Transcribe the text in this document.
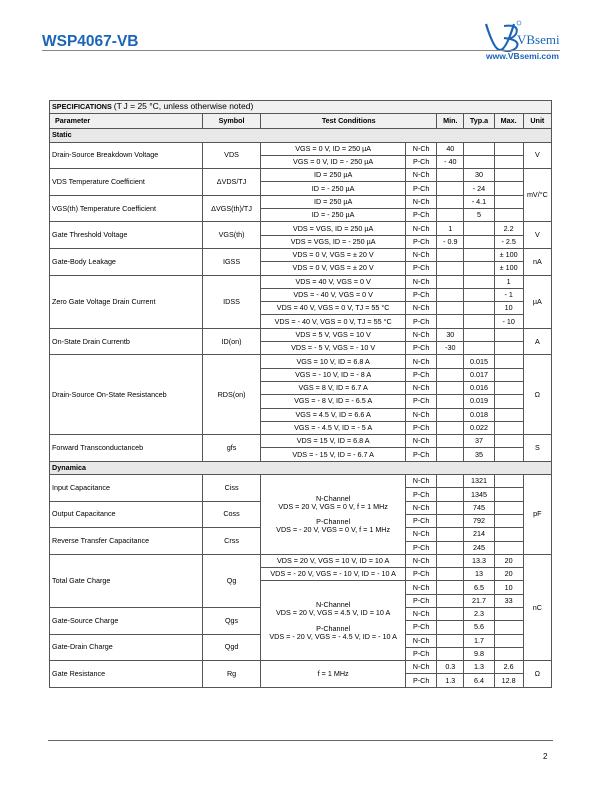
WSP4067-VB	VBsemi
www.VBsemi.com
SPECIFICATIONS (T J = 25 °C, unless otherwise noted)							
Parameter	Symbol	Test Conditions		Min.	Typ.a	Max.	Unit
Static							
Drain-Source Breakdown Voltage	VDS	VGS = 0 V, ID = 250 µA	N-Ch	40			V
		VGS = 0 V, ID = - 250 µA	P-Ch	- 40			
VDS Temperature Coefficient	ΔVDS/TJ	ID = 250 µA	N-Ch		30		mV/°C
		ID = - 250 µA	P-Ch		- 24		
VGS(th) Temperature Coefficient	ΔVGS(th)/TJ	ID = 250 µA	N-Ch		- 4.1		
		ID = - 250 µA	P-Ch		5		
Gate Threshold Voltage	VGS(th)	VDS = VGS, ID = 250 µA	N-Ch	1		2.2	V
		VDS = VGS, ID = - 250 µA	P-Ch	- 0.9		- 2.5	
Gate-Body Leakage	IGSS	VDS = 0 V, VGS = ± 20 V	N-Ch			± 100	nA
		VDS = 0 V, VGS = ± 20 V	P-Ch			± 100	
Zero Gate Voltage Drain Current	IDSS	VDS = 40 V, VGS = 0 V	N-Ch			1	µA
		VDS = - 40 V, VGS = 0 V	P-Ch			- 1	
		VDS = 40 V, VGS = 0 V, TJ = 55 °C	N-Ch			10	
		VDS = - 40 V, VGS = 0 V, TJ = 55 °C	P-Ch			- 10	
On-State Drain Currentb	ID(on)	VDS = 5 V, VGS = 10 V	N-Ch	30			A
		VDS = - 5 V, VGS = - 10 V	P-Ch	-30			
Drain-Source On-State Resistanceb	RDS(on)	VGS = 10 V, ID = 6.8 A	N-Ch		0.015		Ω
		VGS = - 10 V, ID = - 8 A	P-Ch		0.017		
		VGS = 8 V, ID = 6.7 A	N-Ch		0.016		
		VGS = - 8 V, ID = - 6.5 A	P-Ch		0.019		
		VGS = 4.5 V, ID = 6.6 A	N-Ch		0.018		
		VGS = - 4.5 V, ID = - 5 A	P-Ch		0.022		
Forward Transconductanceb	gfs	VDS = 15 V, ID = 6.8 A	N-Ch		37		S
		VDS = - 15 V, ID = - 6.7 A	P-Ch		35		
Dynamica							
Input Capacitance	Ciss	N-Channel
VDS = 20 V, VGS = 0 V, f = 1 MHz

P-Channel
VDS = - 20 V, VGS = 0 V, f = 1 MHz	N-Ch		1321		pF
			P-Ch		1345		
Output Capacitance	Coss		N-Ch		745		
			P-Ch		792		
Reverse Transfer Capacitance	Crss		N-Ch		214		
			P-Ch		245		
Total Gate Charge	Qg	VDS = 20 V, VGS = 10 V, ID = 10 A	N-Ch		13.3	20	nC
		VDS = - 20 V, VGS = - 10 V, ID = - 10 A	P-Ch		13	20	
		N-Channel
VDS = 20 V, VGS = 4.5 V, ID = 10 A

P-Channel
VDS = - 20 V, VGS = - 4.5 V, ID = - 10 A	N-Ch		6.5	10	
			P-Ch		21.7	33	
Gate-Source Charge	Qgs		N-Ch		2.3		
			P-Ch		5.6		
Gate-Drain Charge	Qgd		N-Ch		1.7		
			P-Ch		9.8		
Gate Resistance	Rg	f = 1 MHz	N-Ch	0.3	1.3	2.6	Ω
			P-Ch	1.3	6.4	12.8	
2
